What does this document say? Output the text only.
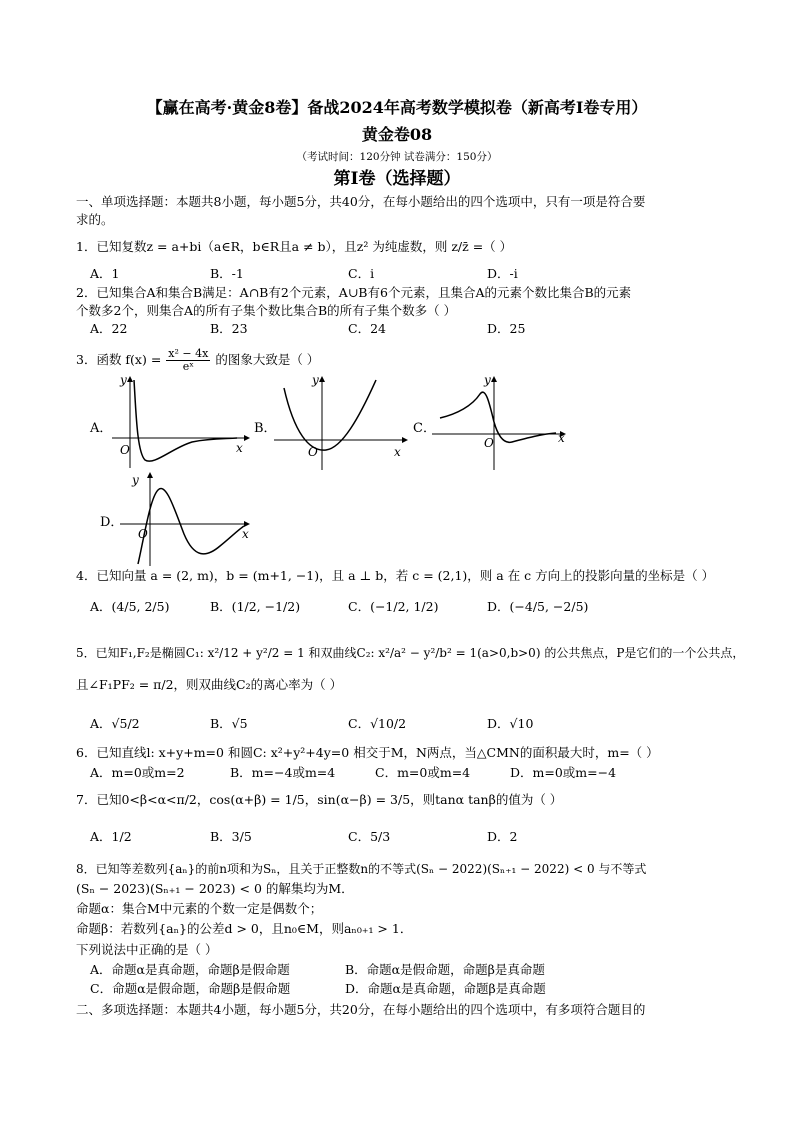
【赢在高考·黄金8卷】备战2024年高考数学模拟卷（新高考I卷专用）
黄金卷08
（考试时间：120分钟 试卷满分：150分）
第I卷（选择题）
一、单项选择题：本题共8小题，每小题5分，共40分，在每小题给出的四个选项中，只有一项是符合要
求的。
1．已知复数z = a+bi（a∈R，b∈R且a ≠ b），且z² 为纯虚数，则 z/z̄ =（ ）
A．1	B．-1	C．i	D．-i
2．已知集合A和集合B满足：A∩B有2个元素，A∪B有6个元素，且集合A的元素个数比集合B的元素
个数多2个，则集合A的所有子集个数比集合B的所有子集个数多（ ）
A．22	B．23	C．24	D．25
3．函数 $f(x) = \frac{\text{x² − 4x}}{\text{eˣ}}$ 的图象大致是（ ）
A．
y
x
O
B．
y
x
O
C．
y
x
O
D．
y
x
O
4．已知向量 a = (2, m)，b = (m+1, −1)，且 a ⊥ b，若 c = (2,1)，则 a 在 c 方向上的投影向量的坐标是（ ）
A．(4/5, 2/5)	B．(1/2, −1/2)	C．(−1/2, 1/2)	D．(−4/5, −2/5)
5．已知F₁,F₂是椭圆C₁: x²/12 + y²/2 = 1 和双曲线C₂: x²/a² − y²/b² = 1(a>0,b>0) 的公共焦点，P是它们的一个公共点，
且∠F₁PF₂ = π/2，则双曲线C₂的离心率为（ ）
A．√5/2	B．√5	C．√10/2	D．√10
6．已知直线l: x+y+m=0 和圆C: x²+y²+4y=0 相交于M，N两点，当△CMN的面积最大时，m=（ ）
A．m=0或m=2	B．m=−4或m=4	C．m=0或m=4	D．m=0或m=−4
7．已知0<β<α<π/2，cos(α+β) = 1/5，sin(α−β) = 3/5，则tanα tanβ的值为（ ）
A．1/2	B．3/5	C．5/3	D．2
8．已知等差数列{aₙ}的前n项和为Sₙ，且关于正整数n的不等式(Sₙ − 2022)(Sₙ₊₁ − 2022) < 0 与不等式
(Sₙ − 2023)(Sₙ₊₁ − 2023) < 0 的解集均为M．
命题α：集合M中元素的个数一定是偶数个；
命题β：若数列{aₙ}的公差d > 0，且n₀∈M，则aₙ₀₊₁ > 1．
下列说法中正确的是（ ）
A．命题α是真命题，命题β是假命题	B．命题α是假命题，命题β是真命题
C．命题α是假命题，命题β是假命题	D．命题α是真命题，命题β是真命题
二、多项选择题：本题共4小题，每小题5分，共20分，在每小题给出的四个选项中，有多项符合题目的
